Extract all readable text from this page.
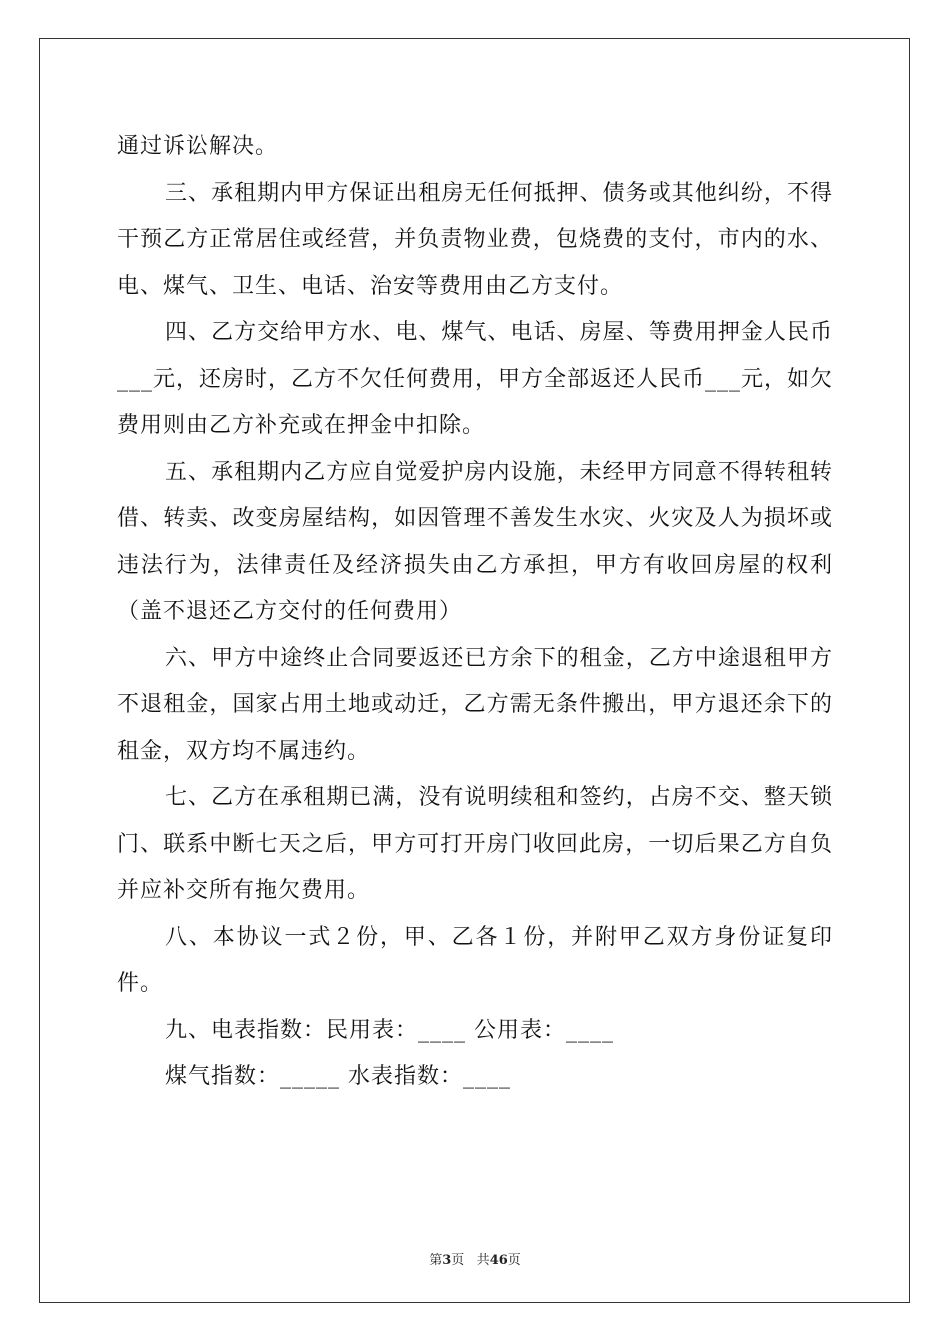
通过诉讼解决。

三、承租期内甲方保证出租房无任何抵押、债务或其他纠纷，不得干预乙方正常居住或经营，并负责物业费，包烧费的支付，市内的水、电、煤气、卫生、电话、治安等费用由乙方支付。

四、乙方交给甲方水、电、煤气、电话、房屋、等费用押金人民币___元，还房时，乙方不欠任何费用，甲方全部返还人民币___元，如欠费用则由乙方补充或在押金中扣除。

五、承租期内乙方应自觉爱护房内设施，未经甲方同意不得转租转借、转卖、改变房屋结构，如因管理不善发生水灾、火灾及人为损坏或违法行为，法律责任及经济损失由乙方承担，甲方有收回房屋的权利（盖不退还乙方交付的任何费用）

六、甲方中途终止合同要返还已方余下的租金，乙方中途退租甲方不退租金，国家占用土地或动迁，乙方需无条件搬出，甲方退还余下的租金，双方均不属违约。

七、乙方在承租期已满，没有说明续租和签约，占房不交、整天锁门、联系中断七天之后，甲方可打开房门收回此房，一切后果乙方自负并应补交所有拖欠费用。

八、本协议一式２份，甲、乙各１份，并附甲乙双方身份证复印件。

九、电表指数：民用表：____ 公用表：____

煤气指数：_____ 水表指数：____

第3页 共46页
